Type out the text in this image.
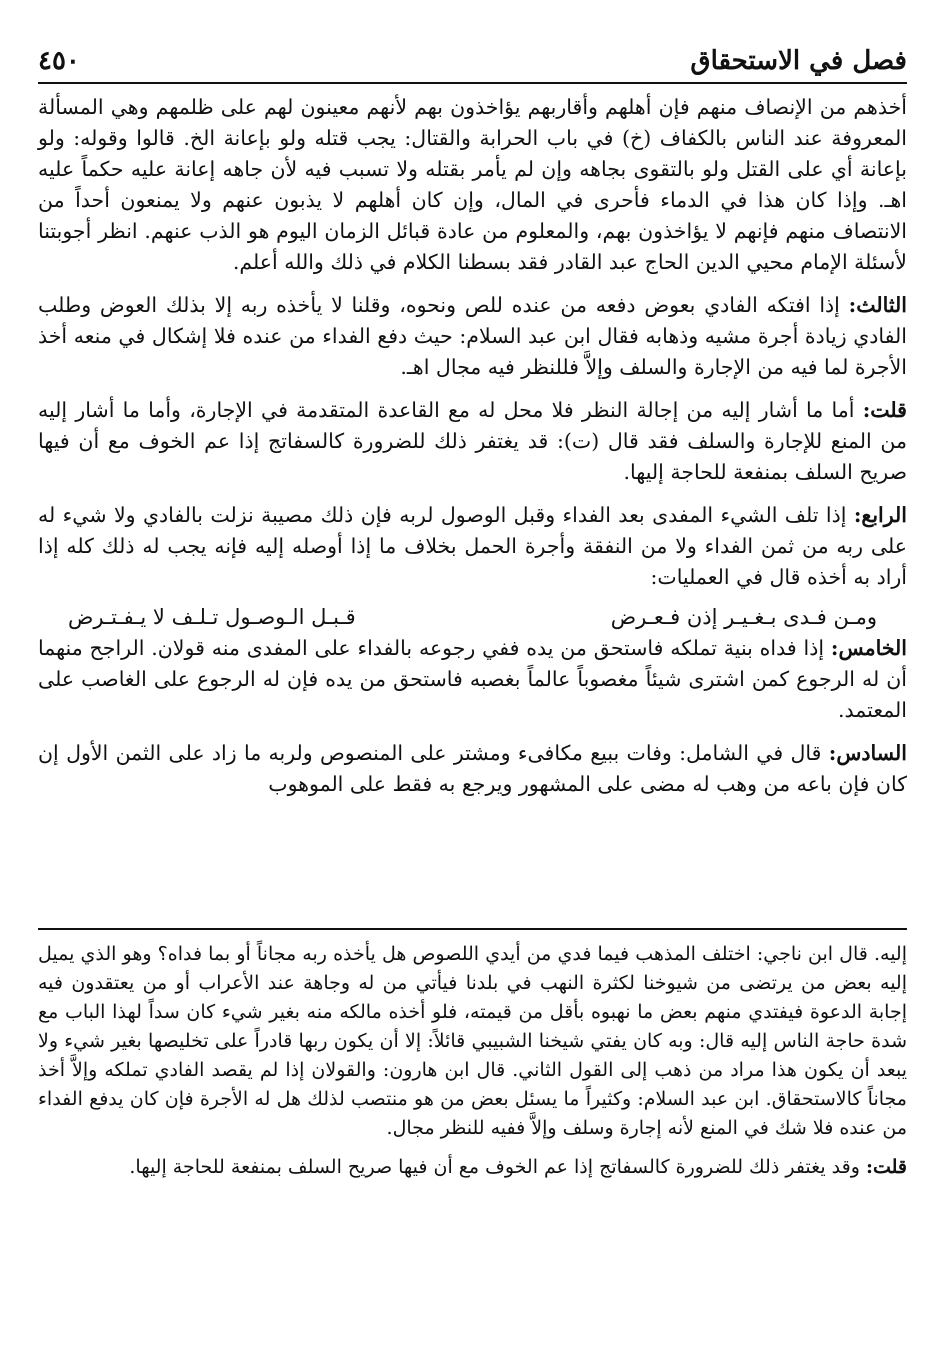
فصل في الاستحقاق
٤٥٠

أخذهم من الإنصاف منهم فإن أهلهم وأقاربهم يؤاخذون بهم لأنهم معينون لهم على ظلمهم وهي المسألة المعروفة عند الناس بالكفاف (خ) في باب الحرابة والقتال: يجب قتله ولو بإعانة الخ. قالوا وقوله: ولو بإعانة أي على القتل ولو بالتقوى بجاهه وإن لم يأمر بقتله ولا تسبب فيه لأن جاهه إعانة عليه حكماً عليه اهـ. وإذا كان هذا في الدماء فأحرى في المال، وإن كان أهلهم لا يذبون عنهم ولا يمنعون أحداً من الانتصاف منهم فإنهم لا يؤاخذون بهم، والمعلوم من عادة قبائل الزمان اليوم هو الذب عنهم. انظر أجوبتنا لأسئلة الإمام محيي الدين الحاج عبد القادر فقد بسطنا الكلام في ذلك والله أعلم.

الثالث: إذا افتكه الفادي بعوض دفعه من عنده للص ونحوه، وقلنا لا يأخذه ربه إلا بذلك العوض وطلب الفادي زيادة أجرة مشيه وذهابه فقال ابن عبد السلام: حيث دفع الفداء من عنده فلا إشكال في منعه أخذ الأجرة لما فيه من الإجارة والسلف وإلاَّ فللنظر فيه مجال اهـ.

قلت: أما ما أشار إليه من إجالة النظر فلا محل له مع القاعدة المتقدمة في الإجارة، وأما ما أشار إليه من المنع للإجارة والسلف فقد قال (ت): قد يغتفر ذلك للضرورة كالسفاتج إذا عم الخوف مع أن فيها صريح السلف بمنفعة للحاجة إليها.

الرابع: إذا تلف الشيء المفدى بعد الفداء وقبل الوصول لربه فإن ذلك مصيبة نزلت بالفادي ولا شيء له على ربه من ثمن الفداء ولا من النفقة وأجرة الحمل بخلاف ما إذا أوصله إليه فإنه يجب له ذلك كله إذا أراد به أخذه قال في العمليات:

ومـن فـدى بـغـيـر إذن فـعـرض
قـبـل الـوصـول تـلـف لا يـفـتـرض

الخامس: إذا فداه بنية تملكه فاستحق من يده ففي رجوعه بالفداء على المفدى منه قولان. الراجح منهما أن له الرجوع كمن اشترى شيئاً مغصوباً عالماً بغصبه فاستحق من يده فإن له الرجوع على الغاصب على المعتمد.

السادس: قال في الشامل: وفات ببيع مكافىء ومشتر على المنصوص ولربه ما زاد على الثمن الأول إن كان فإن باعه من وهب له مضى على المشهور ويرجع به فقط على الموهوب

إليه. قال ابن ناجي: اختلف المذهب فيما فدي من أيدي اللصوص هل يأخذه ربه مجاناً أو بما فداه؟ وهو الذي يميل إليه بعض من يرتضى من شيوخنا لكثرة النهب في بلدنا فيأتي من له وجاهة عند الأعراب أو من يعتقدون فيه إجابة الدعوة فيفتدي منهم بعض ما نهبوه بأقل من قيمته، فلو أخذه مالكه منه بغير شيء كان سداً لهذا الباب مع شدة حاجة الناس إليه قال: وبه كان يفتي شيخنا الشبيبي قائلاً: إلا أن يكون ربها قادراً على تخليصها بغير شيء ولا يبعد أن يكون هذا مراد من ذهب إلى القول الثاني. قال ابن هارون: والقولان إذا لم يقصد الفادي تملكه وإلاَّ أخذ مجاناً كالاستحقاق. ابن عبد السلام: وكثيراً ما يسئل بعض من هو منتصب لذلك هل له الأجرة فإن كان يدفع الفداء من عنده فلا شك في المنع لأنه إجارة وسلف وإلاَّ ففيه للنظر مجال.

قلت: وقد يغتفر ذلك للضرورة كالسفاتج إذا عم الخوف مع أن فيها صريح السلف بمنفعة للحاجة إليها.
